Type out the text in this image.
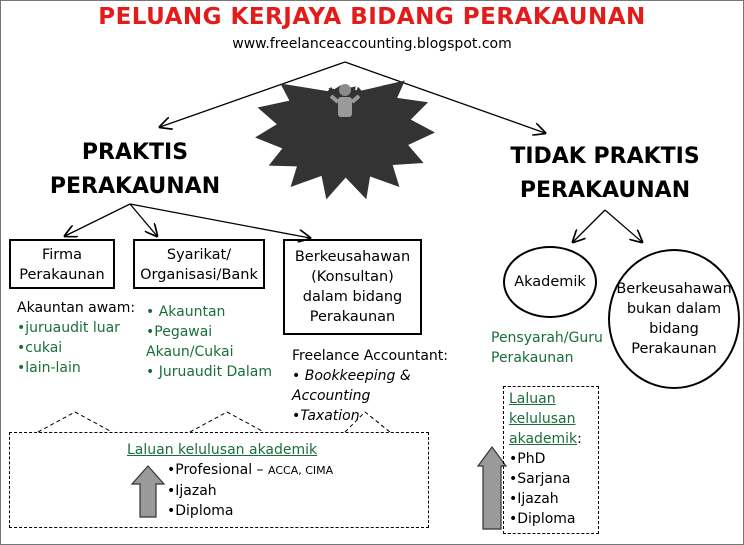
PELUANG KERJAYA BIDANG PERAKAUNAN
www.freelanceaccounting.blogspot.com
PRAKTIS
PERAKAUNAN
TIDAK PRAKTIS
PERAKAUNAN
Firma
Perakaunan
Syarikat/
Organisasi/Bank
Berkeusahawan
(Konsultan)
dalam bidang
Perakaunan
Akauntan awam:
•juruaudit luar
•cukai
•lain-lain
• Akauntan
•Pegawai
Akaun/Cukai
• Juruaudit Dalam
Freelance Accountant:
• Bookkeeping & Accounting
•Taxation
Laluan kelulusan akademik
•Profesional – ACCA, CIMA
•Ijazah
•Diploma
Akademik
Pensyarah/Guru
Perakaunan
Berkeusahawan
bukan dalam
bidang
Perakaunan
Laluan
kelulusan
akademik:
•PhD
•Sarjana
•Ijazah
•Diploma
